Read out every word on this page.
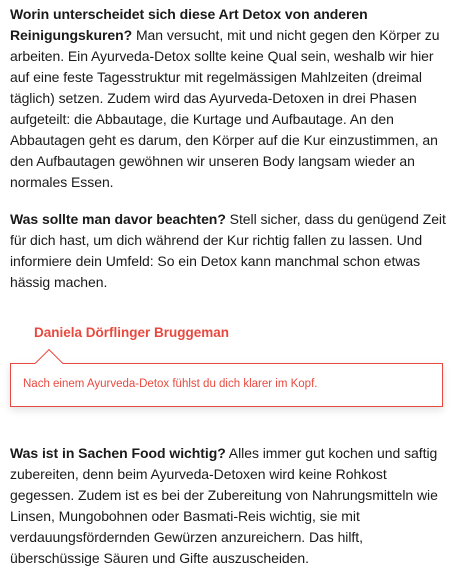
Worin unterscheidet sich diese Art Detox von anderen Reinigungskuren? Man versucht, mit und nicht gegen den Körper zu arbeiten. Ein Ayurveda-Detox sollte keine Qual sein, weshalb wir hier auf eine feste Tagesstruktur mit regelmässigen Mahlzeiten (dreimal täglich) setzen. Zudem wird das Ayurveda-Detoxen in drei Phasen aufgeteilt: die Abbautage, die Kurtage und Aufbautage. An den Abbautagen geht es darum, den Körper auf die Kur einzustimmen, an den Aufbautagen gewöhnen wir unseren Body langsam wieder an normales Essen.

Was sollte man davor beachten? Stell sicher, dass du genügend Zeit für dich hast, um dich während der Kur richtig fallen zu lassen. Und informiere dein Umfeld: So ein Detox kann manchmal schon etwas hässig machen.

Daniela Dörflinger Bruggeman

Nach einem Ayurveda-Detox fühlst du dich klarer im Kopf.

Was ist in Sachen Food wichtig? Alles immer gut kochen und saftig zubereiten, denn beim Ayurveda-Detoxen wird keine Rohkost gegessen. Zudem ist es bei der Zubereitung von Nahrungsmitteln wie Linsen, Mungobohnen oder Basmati-Reis wichtig, sie mit verdauungsfördernden Gewürzen anzureichern. Das hilft, überschüssige Säuren und Gifte auszuscheiden.
